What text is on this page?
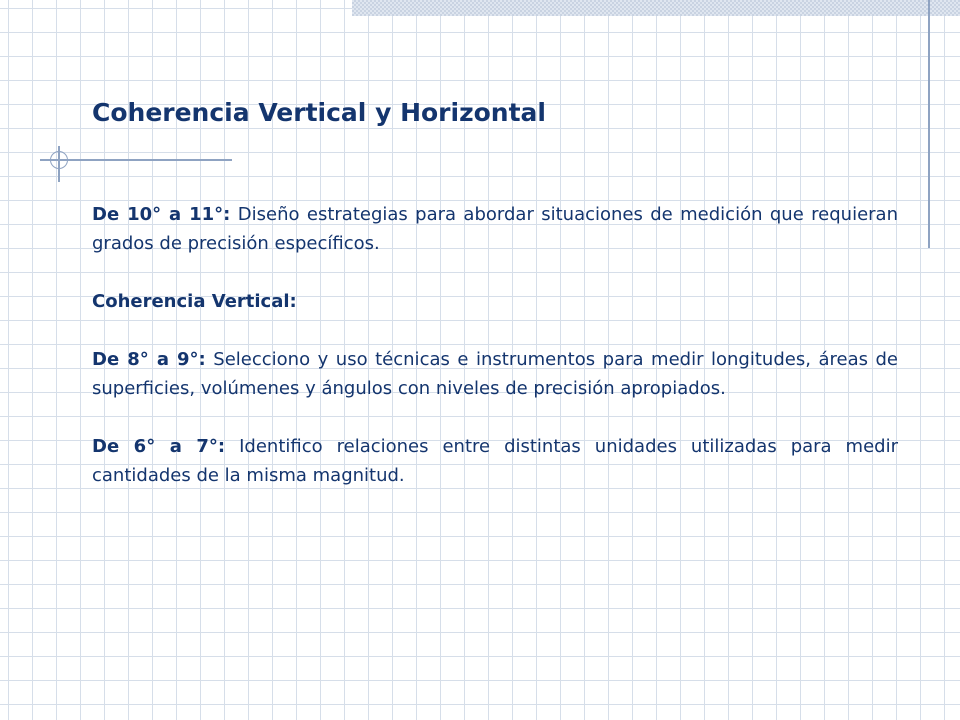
Coherencia Vertical y Horizontal

De 10° a 11°: Diseño estrategias para abordar situaciones de medición que requieran grados de precisión específicos.

Coherencia Vertical:

De 8° a 9°: Selecciono y uso técnicas e instrumentos para medir longitudes, áreas de superficies, volúmenes y ángulos con niveles de precisión apropiados.

De 6° a 7°: Identifico relaciones entre distintas unidades utilizadas para medir cantidades de la misma magnitud.
